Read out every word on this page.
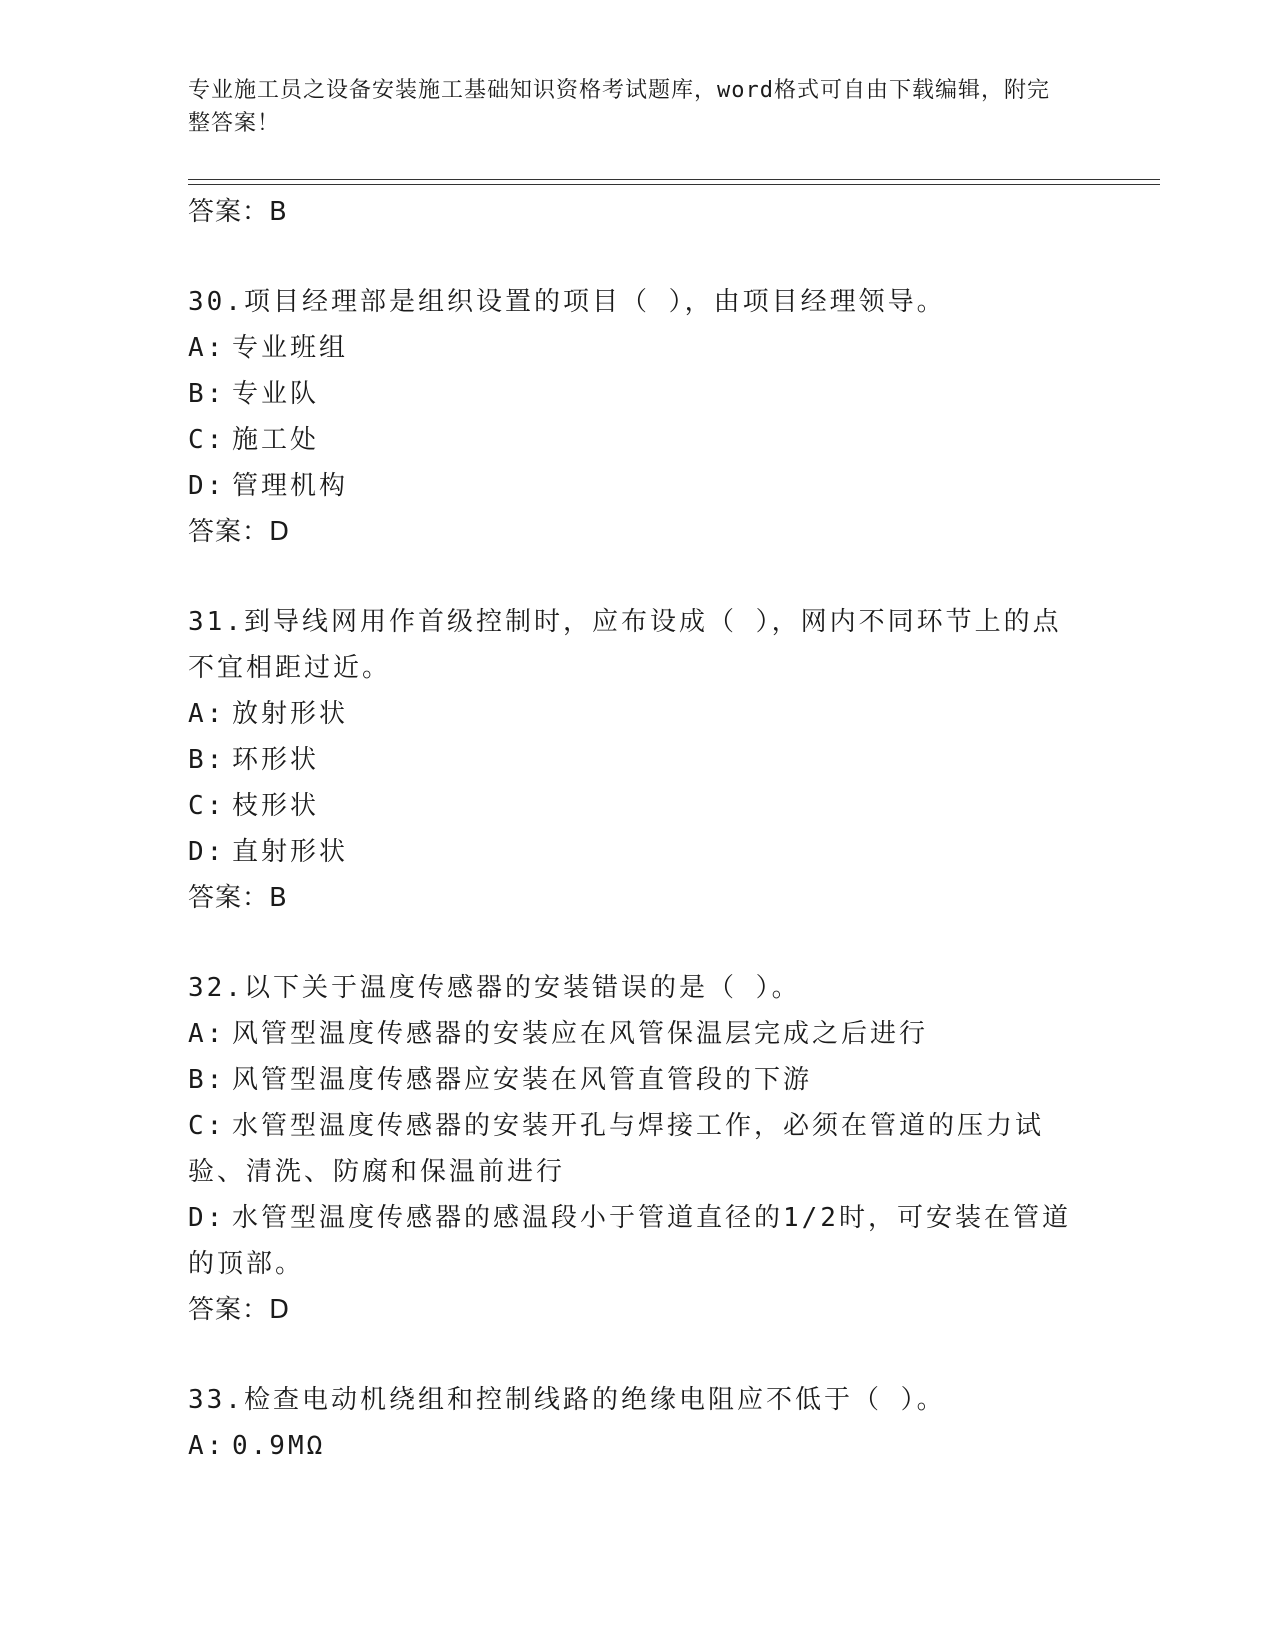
专业施工员之设备安装施工基础知识资格考试题库，word格式可自由下载编辑，附完整答案！
答案：B
30.项目经理部是组织设置的项目（ ），由项目经理领导。
A: 专业班组
B: 专业队
C: 施工处
D: 管理机构
答案：D
31.到导线网用作首级控制时，应布设成（ ），网内不同环节上的点不宜相距过近。
A: 放射形状
B: 环形状
C: 枝形状
D: 直射形状
答案：B
32.以下关于温度传感器的安装错误的是（ ）。
A: 风管型温度传感器的安装应在风管保温层完成之后进行
B: 风管型温度传感器应安装在风管直管段的下游
C: 水管型温度传感器的安装开孔与焊接工作，必须在管道的压力试验、清洗、防腐和保温前进行
D: 水管型温度传感器的感温段小于管道直径的1/2时，可安装在管道的顶部。
答案：D
33.检查电动机绕组和控制线路的绝缘电阻应不低于（ ）。
A: 0.9MΩ
